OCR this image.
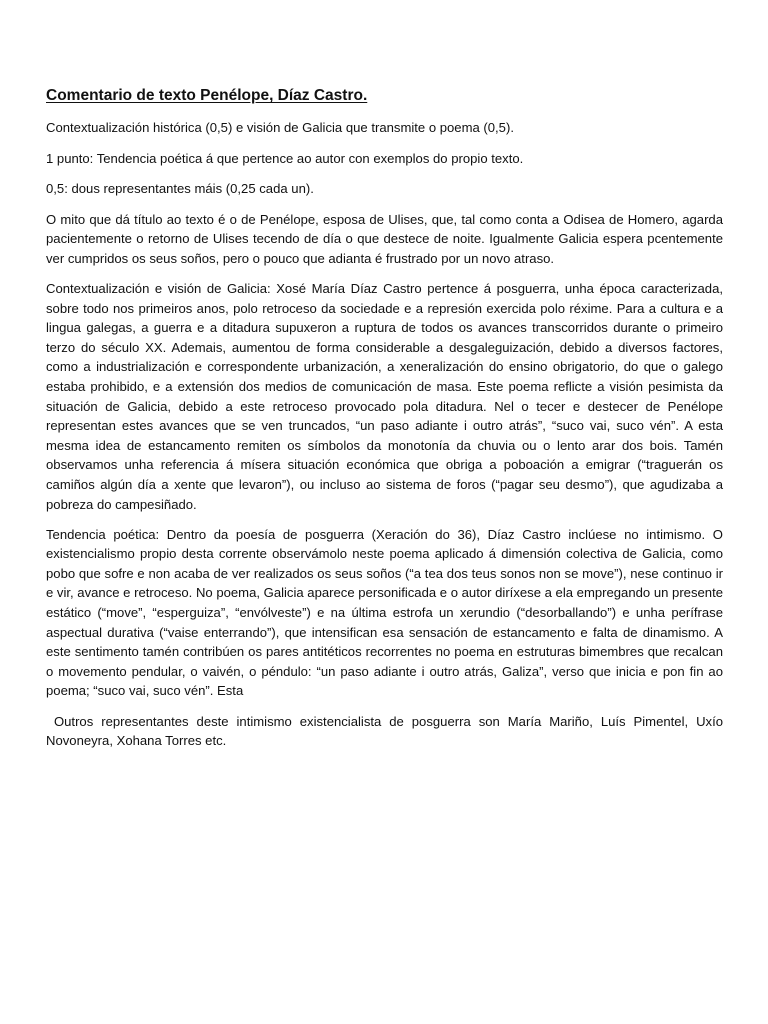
Comentario de texto Penélope, Díaz Castro.

Contextualización histórica (0,5) e visión de Galicia que transmite o poema (0,5).

1 punto: Tendencia poética á que pertence ao autor con exemplos do propio texto.

0,5: dous representantes máis (0,25 cada un).

O mito que dá título ao texto é o de Penélope, esposa de Ulises, que, tal como conta a Odisea de Homero, agarda pacientemente o retorno de Ulises tecendo de día o que destece de noite. Igualmente Galicia espera pcentemente ver cumpridos os seus soños, pero o pouco que adianta é frustrado por un novo atraso.

Contextualización e visión de Galicia: Xosé María Díaz Castro pertence á posguerra, unha época caracterizada, sobre todo nos primeiros anos, polo retroceso da sociedade e a represión exercida polo réxime. Para a cultura e a lingua galegas, a guerra e a ditadura supuxeron a ruptura de todos os avances transcorridos durante o primeiro terzo do século XX. Ademais, aumentou de forma considerable a desgaleguización, debido a diversos factores, como a industrialización e correspondente urbanización, a xeneralización do ensino obrigatorio, do que o galego estaba prohibido, e a extensión dos medios de comunicación de masa. Este poema reflicte a visión pesimista da situación de Galicia, debido a este retroceso provocado pola ditadura. Nel o tecer e destecer de Penélope representan estes avances que se ven truncados, “un paso adiante i outro atrás”, “suco vai, suco vén”. A esta mesma idea de estancamento remiten os símbolos da monotonía da chuvia ou o lento arar dos bois. Tamén observamos unha referencia á mísera situación económica que obriga a poboación a emigrar (“traguerán os camiños algún día a xente que levaron”), ou incluso ao sistema de foros (“pagar seu desmo”), que agudizaba a pobreza do campesiñado.

Tendencia poética: Dentro da poesía de posguerra (Xeración do 36), Díaz Castro inclúese no intimismo. O existencialismo propio desta corrente observámolo neste poema aplicado á dimensión colectiva de Galicia, como pobo que sofre e non acaba de ver realizados os seus soños (“a tea dos teus sonos non se move”), nese continuo ir e vir, avance e retroceso. No poema, Galicia aparece personificada e o autor diríxese a ela empregando un presente estático (“move”, “esperguiza”, “envólveste”) e na última estrofa un xerundio (“desorballando”) e unha perífrase aspectual durativa (“vaise enterrando”), que intensifican esa sensación de estancamento e falta de dinamismo. A este sentimento tamén contribúen os pares antitéticos recorrentes no poema en estruturas bimembres que recalcan o movemento pendular, o vaivén, o péndulo: “un paso adiante i outro atrás, Galiza”, verso que inicia e pon fin ao poema; “suco vai, suco vén”. Esta

Outros representantes deste intimismo existencialista de posguerra son María Mariño, Luís Pimentel, Uxío Novoneyra, Xohana Torres etc.
